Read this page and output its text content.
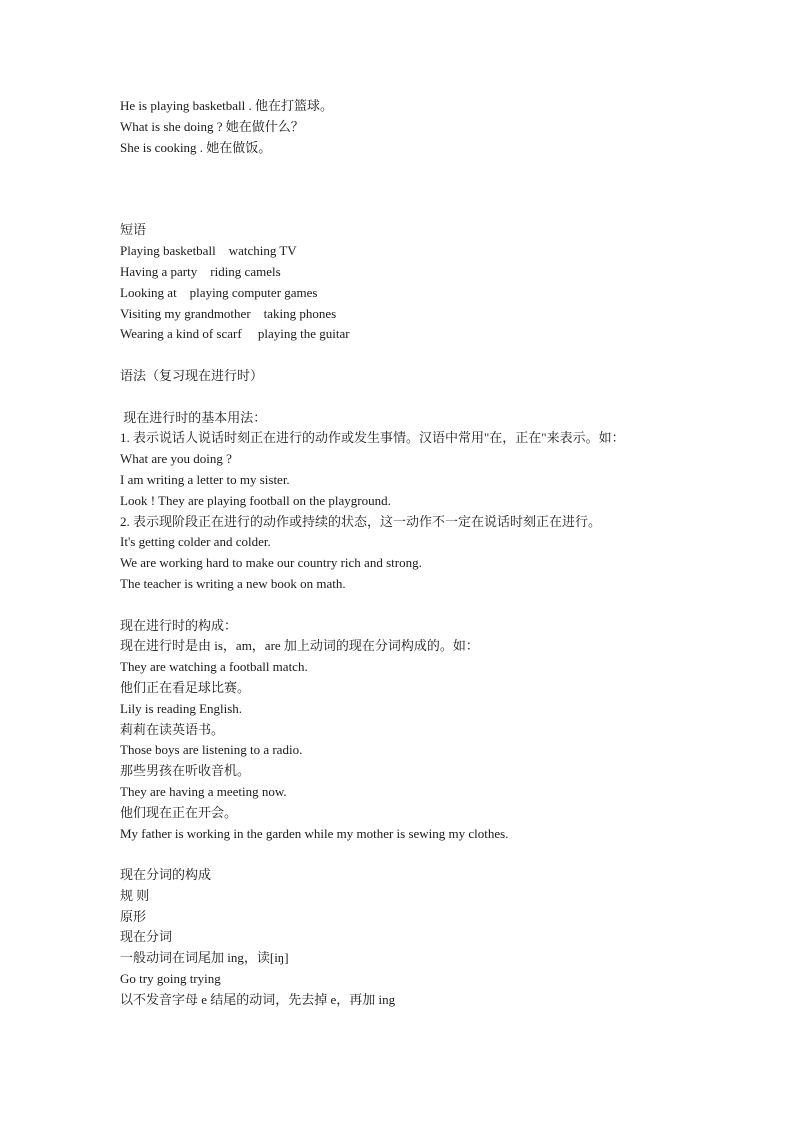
He is playing basketball . 他在打篮球。
What is she doing ? 她在做什么？
She is cooking . 她在做饭。
短语
Playing basketball    watching TV
Having a party    riding camels
Looking at    playing computer games
Visiting my grandmother    taking phones
Wearing a kind of scarf     playing the guitar
语法（复习现在进行时）
现在进行时的基本用法：
1. 表示说话人说话时刻正在进行的动作或发生事情。汉语中常用"在，正在"来表示。如：
What are you doing ?
I am writing a letter to my sister.
Look ! They are playing football on the playground.
2. 表示现阶段正在进行的动作或持续的状态，这一动作不一定在说话时刻正在进行。
It's getting colder and colder.
We are working hard to make our country rich and strong.
The teacher is writing a new book on math.
现在进行时的构成：
现在进行时是由 is，am，are 加上动词的现在分词构成的。如：
They are watching a football match.
他们正在看足球比赛。
Lily is reading English.
莉莉在读英语书。
Those boys are listening to a radio.
那些男孩在听收音机。
They are having a meeting now.
他们现在正在开会。
My father is working in the garden while my mother is sewing my clothes.
现在分词的构成
规 则
原形
现在分词
一般动词在词尾加 ing，读[iŋ]
Go try going trying
以不发音字母 e 结尾的动词，先去掉 e，再加 ing
